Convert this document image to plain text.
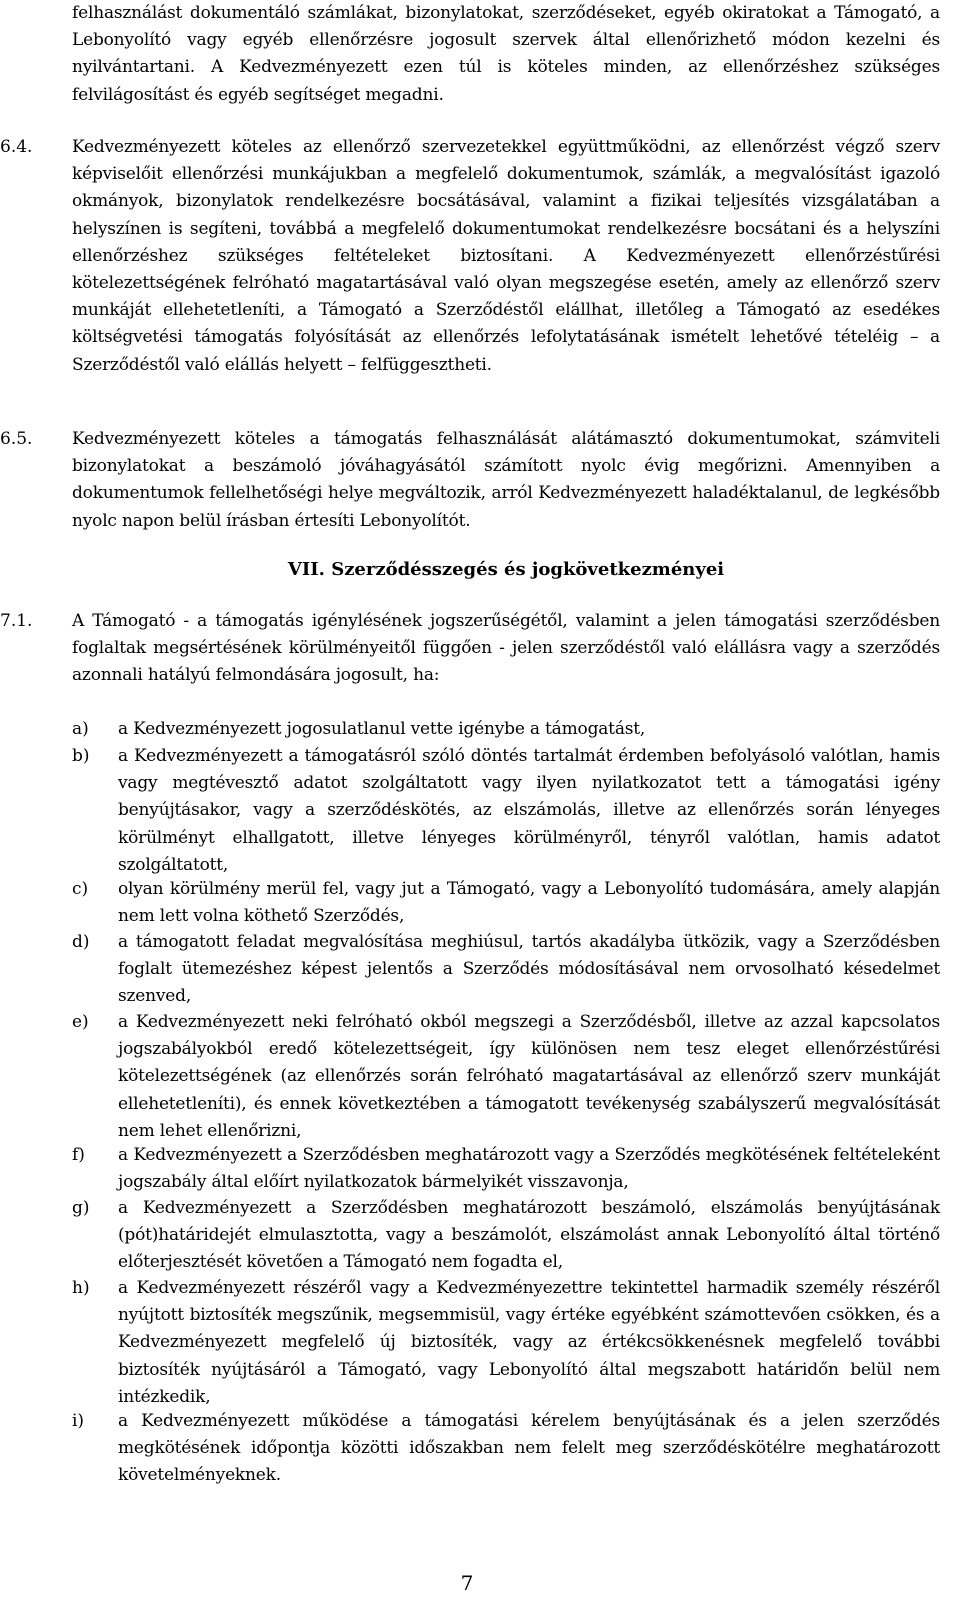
felhasználást dokumentáló számlákat, bizonylatokat, szerződéseket, egyéb okiratokat a Támogató, a Lebonyolító vagy egyéb ellenőrzésre jogosult szervek által ellenőrizhető módon kezelni és nyilvántartani. A Kedvezményezett ezen túl is köteles minden, az ellenőrzéshez szükséges felvilágosítást és egyéb segítséget megadni.
6.4. Kedvezményezett köteles az ellenőrző szervezetekkel együttműködni, az ellenőrzést végző szerv képviselőit ellenőrzési munkájukban a megfelelő dokumentumok, számlák, a megvalósítást igazoló okmányok, bizonylatok rendelkezésre bocsátásával, valamint a fizikai teljesítés vizsgálatában a helyszínen is segíteni, továbbá a megfelelő dokumentumokat rendelkezésre bocsátani és a helyszíni ellenőrzéshez szükséges feltételeket biztosítani. A Kedvezményezett ellenőrzéstűrési kötelezettségének felróható magatartásával való olyan megszegése esetén, amely az ellenőrző szerv munkáját ellehetetleníti, a Támogató a Szerződéstől elállhat, illetőleg a Támogató az esedékes költségvetési támogatás folyósítását az ellenőrzés lefolytatásának ismételt lehetővé tételéig – a Szerződéstől való elállás helyett – felfüggesztheti.
6.5. Kedvezményezett köteles a támogatás felhasználását alátámasztó dokumentumokat, számviteli bizonylatokat a beszámoló jóváhagyásától számított nyolc évig megőrizni. Amennyiben a dokumentumok fellelhetőségi helye megváltozik, arról Kedvezményezett haladéktalanul, de legkésőbb nyolc napon belül írásban értesíti Lebonyolítót.
VII. Szerződésszegés és jogkövetkezményei
7.1. A Támogató - a támogatás igénylésének jogszerűségétől, valamint a jelen támogatási szerződésben foglaltak megsértésének körülményeitől függően - jelen szerződéstől való elállásra vagy a szerződés azonnali hatályú felmondására jogosult, ha:
a) a Kedvezményezett jogosulatlanul vette igénybe a támogatást,
b) a Kedvezményezett a támogatásról szóló döntés tartalmát érdemben befolyásoló valótlan, hamis vagy megtévesztő adatot szolgáltatott vagy ilyen nyilatkozatot tett a támogatási igény benyújtásakor, vagy a szerződéskötés, az elszámolás, illetve az ellenőrzés során lényeges körülményt elhallgatott, illetve lényeges körülményről, tényről valótlan, hamis adatot szolgáltatott,
c) olyan körülmény merül fel, vagy jut a Támogató, vagy a Lebonyolító tudomására, amely alapján nem lett volna köthető Szerződés,
d) a támogatott feladat megvalósítása meghiúsul, tartós akadályba ütközik, vagy a Szerződésben foglalt ütemezéshez képest jelentős a Szerződés módosításával nem orvosolható késedelmet szenved,
e) a Kedvezményezett neki felróható okból megszegi a Szerződésből, illetve az azzal kapcsolatos jogszabályokból eredő kötelezettségeit, így különösen nem tesz eleget ellenőrzéstűrési kötelezettségének (az ellenőrzés során felróható magatartásával az ellenőrző szerv munkáját ellehetetleníti), és ennek következtében a támogatott tevékenység szabályszerű megvalósítását nem lehet ellenőrizni,
f) a Kedvezményezett a Szerződésben meghatározott vagy a Szerződés megkötésének feltételeként jogszabály által előírt nyilatkozatok bármelyikét visszavonja,
g) a Kedvezményezett a Szerződésben meghatározott beszámoló, elszámolás benyújtásának (pót)határidejét elmulasztotta, vagy a beszámolót, elszámolást annak Lebonyolító által történő előterjesztését követően a Támogató nem fogadta el,
h) a Kedvezményezett részéről vagy a Kedvezményezettre tekintettel harmadik személy részéről nyújtott biztosíték megszűnik, megsemmisül, vagy értéke egyébként számottevően csökken, és a Kedvezményezett megfelelő új biztosíték, vagy az értékcsökkenésnek megfelelő további biztosíték nyújtásáról a Támogató, vagy Lebonyolító által megszabott határidőn belül nem intézkedik,
i) a Kedvezményezett működése a támogatási kérelem benyújtásának és a jelen szerződés megkötésének időpontja közötti időszakban nem felelt meg szerződéskötélre meghatározott követelményeknek.
7
